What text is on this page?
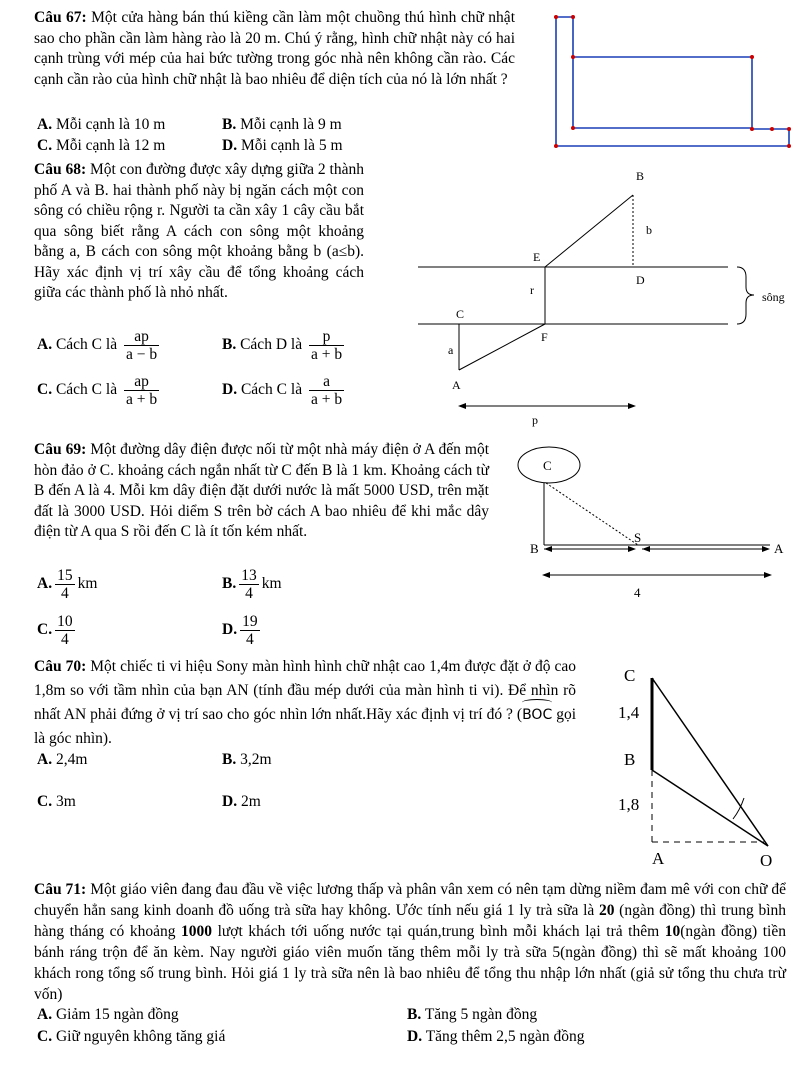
Câu 67: Một cửa hàng bán thú kiềng cần làm một chuồng thú hình chữ nhật sao cho phần cần làm hàng rào là 20 m. Chú ý rằng, hình chữ nhật này có hai cạnh trùng với mép của hai bức tường trong góc nhà nên không cần rào. Các cạnh cần rào của hình chữ nhật là bao nhiêu để diện tích của nó là lớn nhất ?
A. Mỗi cạnh là 10 m	B. Mỗi cạnh là 9 m
C. Mỗi cạnh là 12 m	D. Mỗi cạnh là 5 m
Câu 68: Một con đường được xây dựng giữa 2 thành phố A và B. hai thành phố này bị ngăn cách một con sông có chiều rộng r. Người ta cần xây 1 cây cầu bắt qua sông biết rằng A cách con sông một khoảng bằng a, B cách con sông một khoảng bằng b (a≤b). Hãy xác định vị trí xây cầu để tổng khoảng cách giữa các thành phố là nhỏ nhất.
A. Cách C là $\frac{ap}{a - b}$	B. Cách D là $\frac{p}{a + b}$
C. Cách C là $\frac{ap}{a + b}$	D. Cách C là $\frac{a}{a + b}$
B
b
E
D
r
C
F
a
A
p
sông
Câu 69: Một đường dây điện được nối từ một nhà máy điện ở A đến một hòn đảo ở C. khoảng cách ngắn nhất từ C đến B là 1 km. Khoảng cách từ B đến A là 4. Mỗi km dây điện đặt dưới nước là mất 5000 USD, trên mặt đất là 3000 USD. Hỏi diểm S trên bờ cách A bao nhiêu để khi mắc dây điện từ A qua S rồi đến C là ít tốn kém nhất.
A. $\frac{15}{4}$ km	B. $\frac{13}{4}$ km
C. $\frac{10}{4}$	D. $\frac{19}{4}$
C
S
B	A
4
Câu 70: Một chiếc ti vi hiệu Sony màn hình hình chữ nhật cao 1,4m được đặt ở độ cao 1,8m so với tầm nhìn của bạn AN (tính đầu mép dưới của màn hình ti vi). Để nhìn rõ nhất AN phải đứng ở vị trí sao cho góc nhìn lớn nhất.Hãy xác định vị trí đó ? (BOC gọi là góc nhìn).
A. 2,4m	B. 3,2m
C. 3m	D. 2m
C
1,4
B
1,8
A	O
Câu 71: Một giáo viên đang đau đầu về việc lương thấp và phân vân xem có nên tạm dừng niềm đam mê với con chữ để chuyển hẳn sang kinh doanh đồ uống trà sữa hay không. Ước tính nếu giá 1 ly trà sữa là 20 (ngàn đồng) thì trung bình hàng tháng có khoảng 1000 lượt khách tới uống nước tại quán,trung bình mỗi khách lại trả thêm 10(ngàn đồng) tiền bánh ráng trộn để ăn kèm. Nay người giáo viên muốn tăng thêm mỗi ly trà sữa 5(ngàn đồng) thì sẽ mất khoảng 100 khách rong tổng số trung bình. Hỏi giá 1 ly trà sữa nên là bao nhiêu để tổng thu nhập lớn nhất (giả sử tổng thu chưa trừ vốn)
A. Giảm 15 ngàn đồng	B. Tăng 5 ngàn đồng
C. Giữ nguyên không tăng giá	D. Tăng thêm 2,5 ngàn đồng
